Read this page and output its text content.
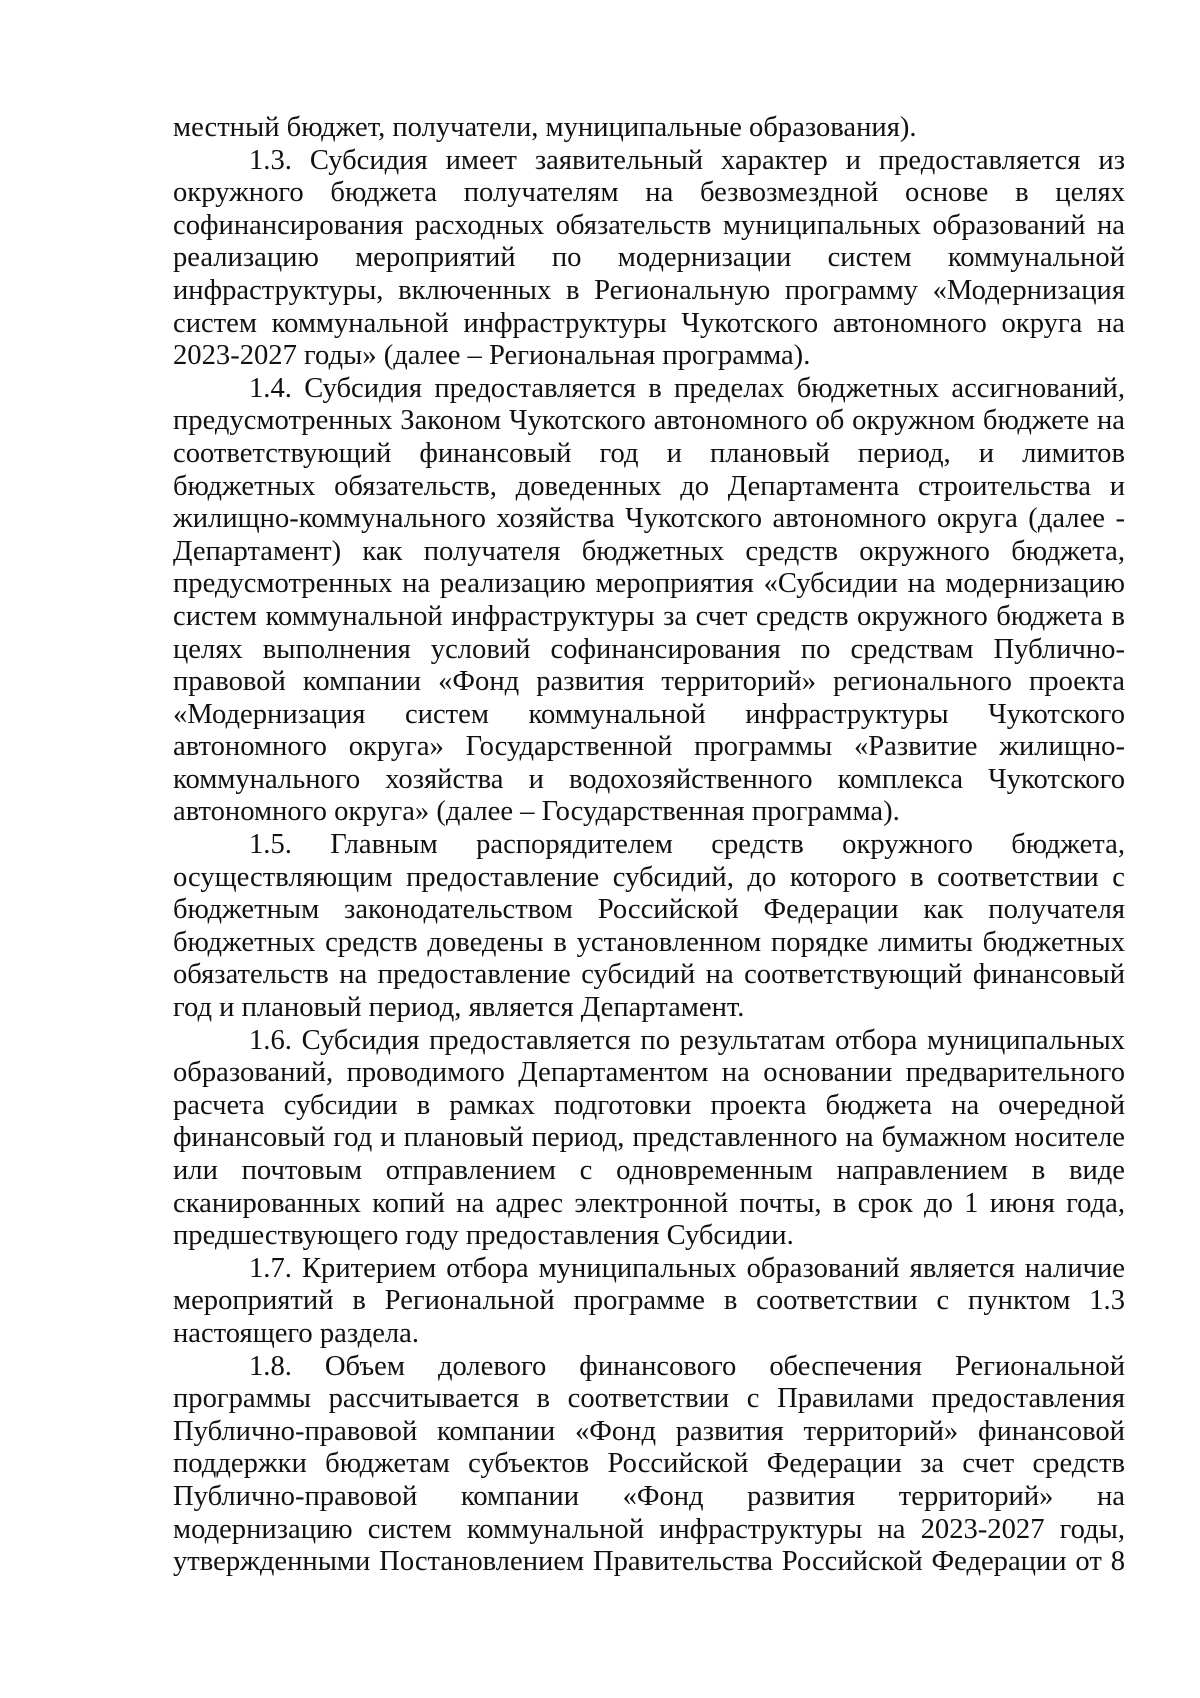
местный бюджет, получатели, муниципальные образования).

1.3. Субсидия имеет заявительный характер и предоставляется из окружного бюджета получателям на безвозмездной основе в целях софинансирования расходных обязательств муниципальных образований на реализацию мероприятий по модернизации систем коммунальной инфраструктуры, включенных в Региональную программу «Модернизация систем коммунальной инфраструктуры Чукотского автономного округа на 2023-2027 годы» (далее – Региональная программа).

1.4. Субсидия предоставляется в пределах бюджетных ассигнований, предусмотренных Законом Чукотского автономного об окружном бюджете на соответствующий финансовый год и плановый период, и лимитов бюджетных обязательств, доведенных до Департамента строительства и жилищно-коммунального хозяйства Чукотского автономного округа (далее - Департамент) как получателя бюджетных средств окружного бюджета, предусмотренных на реализацию мероприятия «Субсидии на модернизацию систем коммунальной инфраструктуры за счет средств окружного бюджета в целях выполнения условий софинансирования по средствам Публично-правовой компании «Фонд развития территорий» регионального проекта «Модернизация систем коммунальной инфраструктуры Чукотского автономного округа» Государственной программы «Развитие жилищно-коммунального хозяйства и водохозяйственного комплекса Чукотского автономного округа» (далее – Государственная программа).

1.5. Главным распорядителем средств окружного бюджета, осуществляющим предоставление субсидий, до которого в соответствии с бюджетным законодательством Российской Федерации как получателя бюджетных средств доведены в установленном порядке лимиты бюджетных обязательств на предоставление субсидий на соответствующий финансовый год и плановый период, является Департамент.

1.6. Субсидия предоставляется по результатам отбора муниципальных образований, проводимого Департаментом на основании предварительного расчета субсидии в рамках подготовки проекта бюджета на очередной финансовый год и плановый период, представленного на бумажном носителе или почтовым отправлением с одновременным направлением в виде сканированных копий на адрес электронной почты, в срок до 1 июня года, предшествующего году предоставления Субсидии.

1.7. Критерием отбора муниципальных образований является наличие мероприятий в Региональной программе в соответствии с пунктом 1.3 настоящего раздела.

1.8. Объем долевого финансового обеспечения Региональной программы рассчитывается в соответствии с Правилами предоставления Публично-правовой компании «Фонд развития территорий» финансовой поддержки бюджетам субъектов Российской Федерации за счет средств Публично-правовой компании «Фонд развития территорий» на модернизацию систем коммунальной инфраструктуры на 2023-2027 годы, утвержденными Постановлением Правительства Российской Федерации от 8
